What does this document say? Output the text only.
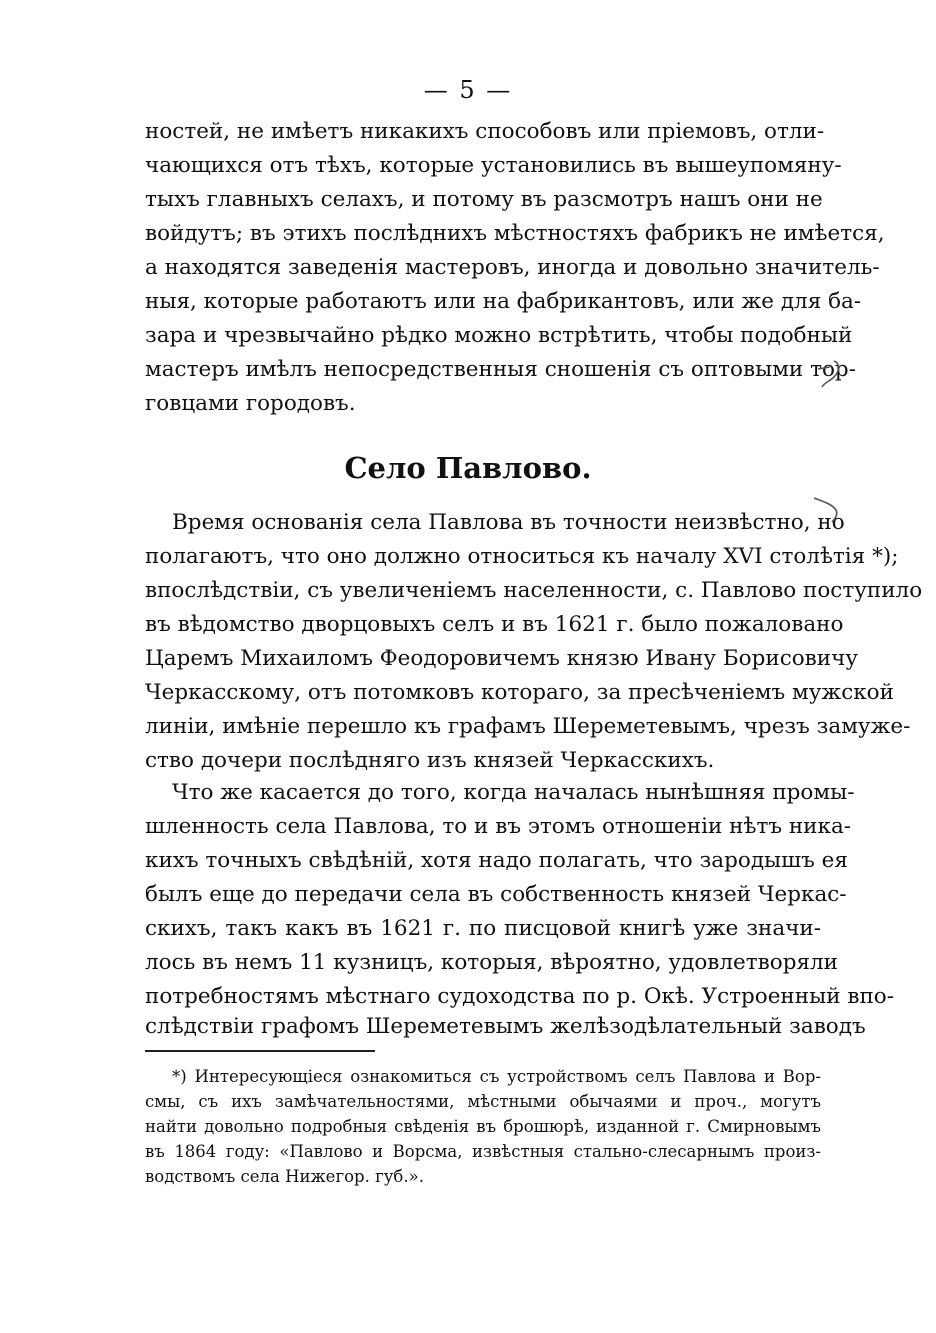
— 5 —
ностей, не имѣетъ никакихъ способовъ или пріемовъ, отли-
чающихся отъ тѣхъ, которые установились въ вышеупомяну-
тыхъ главныхъ селахъ, и потому въ разсмотръ нашъ они не
войдутъ; въ этихъ послѣднихъ мѣстностяхъ фабрикъ не имѣется,
а находятся заведенія мастеровъ, иногда и довольно значитель-
ныя, которые работаютъ или на фабрикантовъ, или же для ба-
зара и чрезвычайно рѣдко можно встрѣтить, чтобы подобный
мастеръ имѣлъ непосредственныя сношенія съ оптовыми тор-
говцами городовъ.
Село Павлово.
Время основанія села Павлова въ точности неизвѣстно, но
полагаютъ, что оно должно относиться къ началу XVI столѣтія *);
впослѣдствіи, съ увеличеніемъ населенности, с. Павлово поступило
въ вѣдомство дворцовыхъ селъ и въ 1621 г. было пожаловано
Царемъ Михаиломъ Феодоровичемъ князю Ивану Борисовичу
Черкасскому, отъ потомковъ котораго, за пресѣченіемъ мужской
линіи, имѣніе перешло къ графамъ Шереметевымъ, чрезъ замуже-
ство дочери послѣдняго изъ князей Черкасскихъ.
Что же касается до того, когда началась нынѣшняя промы-
шленность села Павлова, то и въ этомъ отношеніи нѣтъ ника-
кихъ точныхъ свѣдѣній, хотя надо полагать, что зародышъ ея
былъ еще до передачи села въ собственность князей Черкас-
скихъ, такъ какъ въ 1621 г. по писцовой книгѣ уже значи-
лось въ немъ 11 кузницъ, которыя, вѣроятно, удовлетворяли
потребностямъ мѣстнаго судоходства по р. Окѣ. Устроенный впо-
слѣдствіи графомъ Шереметевымъ желѣзодѣлательный заводъ
*) Интересующіеся ознакомиться съ устройствомъ селъ Павлова и Вор-
смы, съ ихъ замѣчательностями, мѣстными обычаями и проч., могутъ
найти довольно подробныя свѣденія въ брошюрѣ, изданной г. Смирновымъ
въ 1864 году: «Павлово и Ворсма, извѣстныя стально-слесарнымъ произ-
водствомъ села Нижегор. губ.».
